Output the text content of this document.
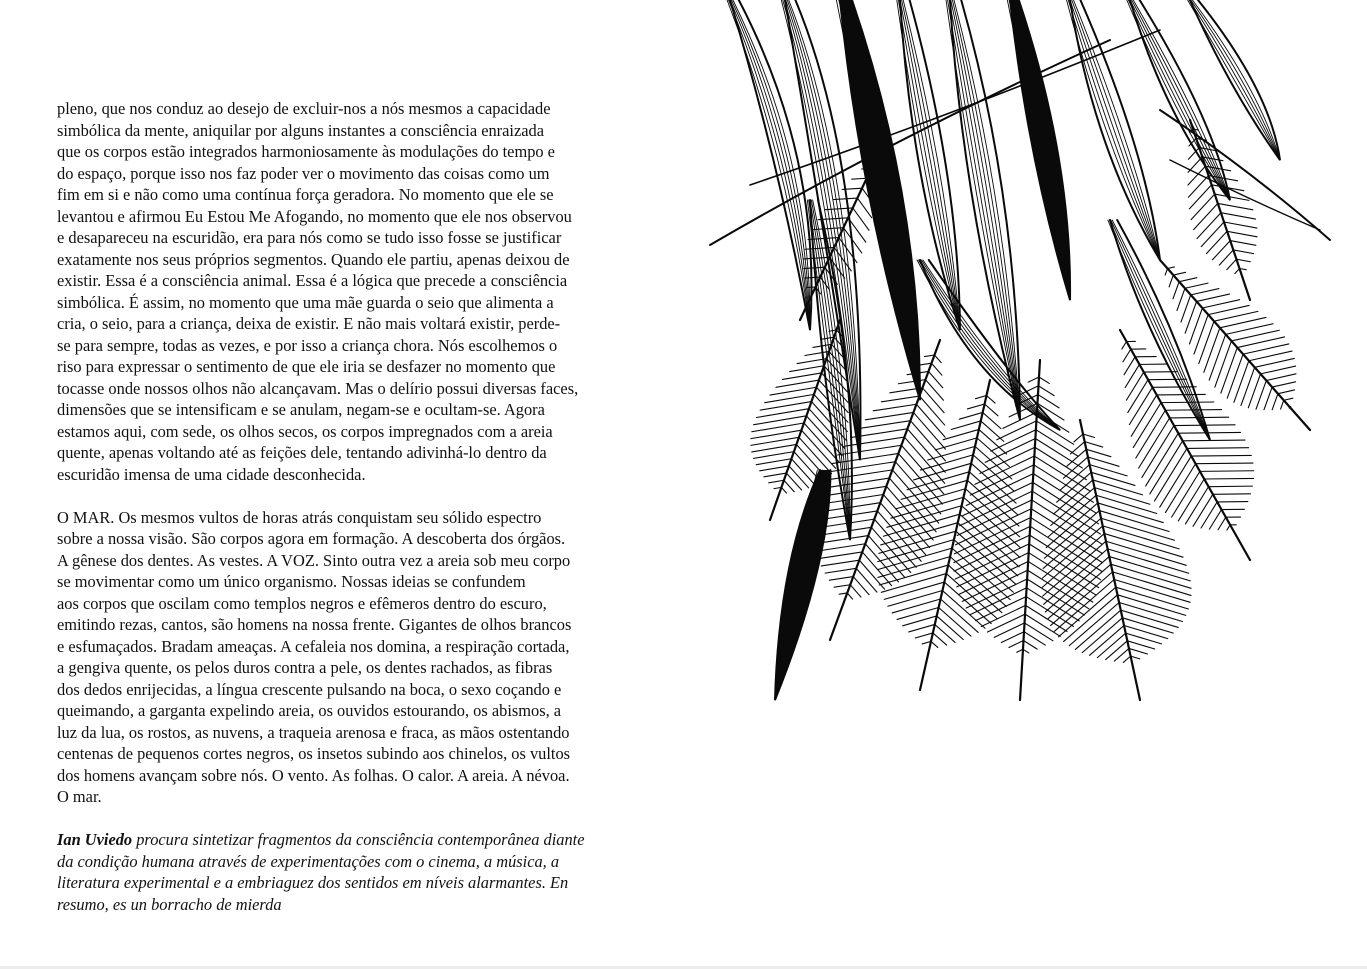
pleno, que nos conduz ao desejo de excluir-nos a nós mesmos a capacidade
simbólica da mente, aniquilar por alguns instantes a consciência enraizada
que os corpos estão integrados harmoniosamente às modulações do tempo e
do espaço, porque isso nos faz poder ver o movimento das coisas como um
fim em si e não como uma contínua força geradora. No momento que ele se
levantou e afirmou Eu Estou Me Afogando, no momento que ele nos observou
e desapareceu na escuridão, era para nós como se tudo isso fosse se justificar
exatamente nos seus próprios segmentos. Quando ele partiu, apenas deixou de
existir. Essa é a consciência animal. Essa é a lógica que precede a consciência
simbólica. É assim, no momento que uma mãe guarda o seio que alimenta a
cria, o seio, para a criança, deixa de existir. E não mais voltará existir, perde-
se para sempre, todas as vezes, e por isso a criança chora. Nós escolhemos o
riso para expressar o sentimento de que ele iria se desfazer no momento que
tocasse onde nossos olhos não alcançavam. Mas o delírio possui diversas faces,
dimensões que se intensificam e se anulam, negam-se e ocultam-se. Agora
estamos aqui, com sede, os olhos secos, os corpos impregnados com a areia
quente, apenas voltando até as feições dele, tentando adivinhá-lo dentro da
escuridão imensa de uma cidade desconhecida.

O MAR. Os mesmos vultos de horas atrás conquistam seu sólido espectro
sobre a nossa visão. São corpos agora em formação. A descoberta dos órgãos.
A gênese dos dentes. As vestes. A VOZ. Sinto outra vez a areia sob meu corpo
se movimentar como um único organismo. Nossas ideias se confundem
aos corpos que oscilam como templos negros e efêmeros dentro do escuro,
emitindo rezas, cantos, são homens na nossa frente. Gigantes de olhos brancos
e esfumaçados. Bradam ameaças. A cefaleia nos domina, a respiração cortada,
a gengiva quente, os pelos duros contra a pele, os dentes rachados, as fibras
dos dedos enrijecidas, a língua crescente pulsando na boca, o sexo coçando e
queimando, a garganta expelindo areia, os ouvidos estourando, os abismos, a
luz da lua, os rostos, as nuvens, a traqueia arenosa e fraca, as mãos ostentando
centenas de pequenos cortes negros, os insetos subindo aos chinelos, os vultos
dos homens avançam sobre nós. O vento. As folhas. O calor. A areia. A névoa.
O mar.

Ian Uviedo procura sintetizar fragmentos da consciência contemporânea diante
da condição humana através de experimentações com o cinema, a música, a
literatura experimental e a embriaguez dos sentidos em níveis alarmantes. En
resumo, es un borracho de mierda
